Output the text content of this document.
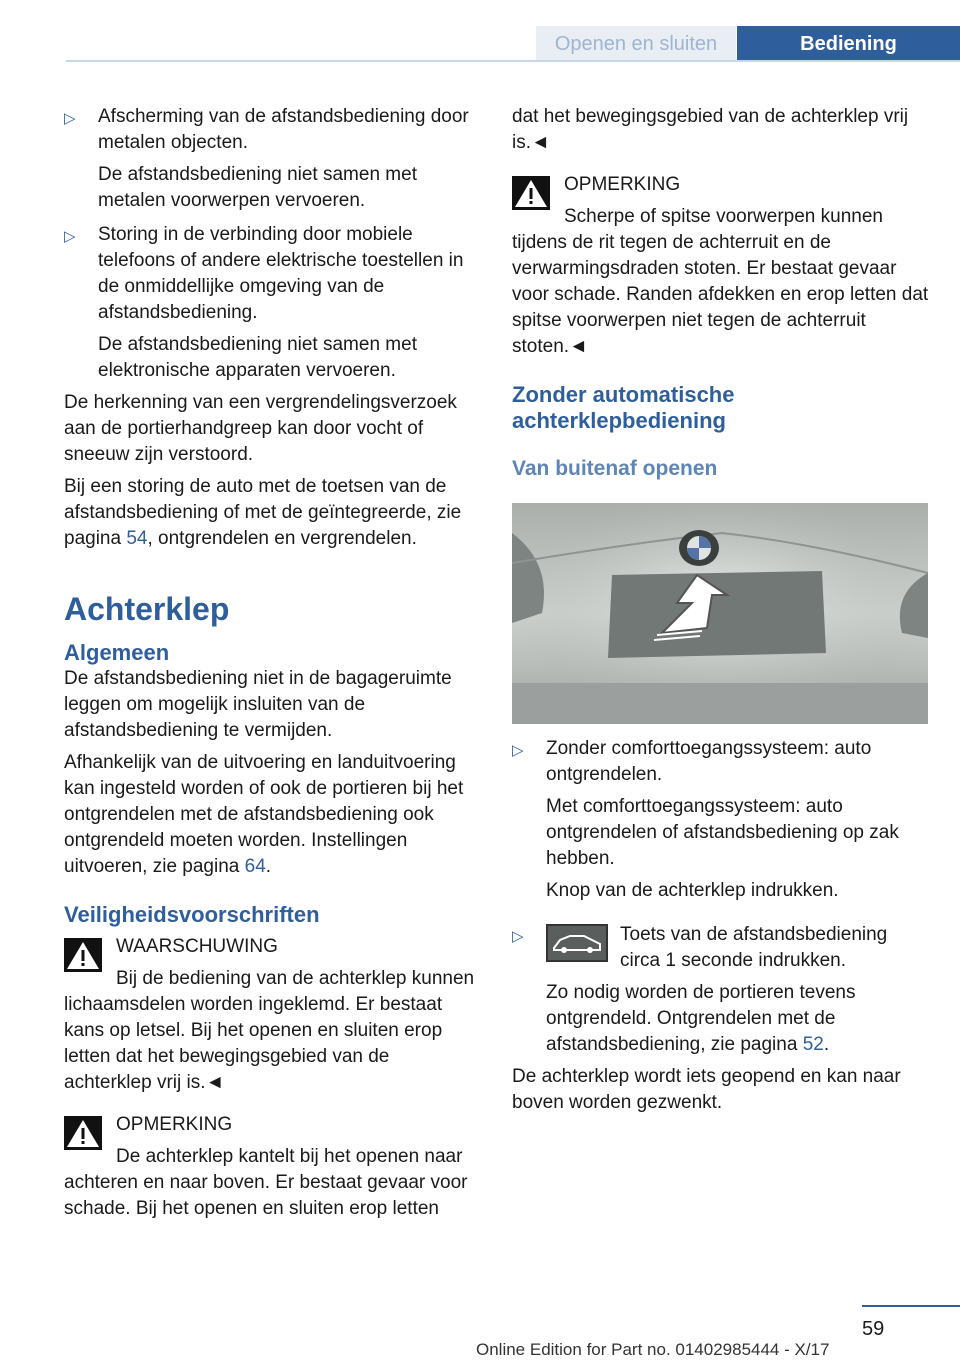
Openen en sluiten	Bediening

▷ Afscherming van de afstandsbediening door metalen objecten.

De afstandsbediening niet samen met metalen voorwerpen vervoeren.

▷ Storing in de verbinding door mobiele telefoons of andere elektrische toestellen in de onmiddellijke omgeving van de afstandsbediening.

De afstandsbediening niet samen met elektronische apparaten vervoeren.

De herkenning van een vergrendelingsverzoek aan de portierhandgreep kan door vocht of sneeuw zijn verstoord.

Bij een storing de auto met de toetsen van de afstandsbediening of met de geïntegreerde, zie pagina 54, ontgrendelen en vergrendelen.

Achterklep
Algemeen

De afstandsbediening niet in de bagageruimte leggen om mogelijk insluiten van de afstandsbediening te vermijden.

Afhankelijk van de uitvoering en landuitvoering kan ingesteld worden of ook de portieren bij het ontgrendelen met de afstandsbediening ook ontgrendeld moeten worden. Instellingen uitvoeren, zie pagina 64.

Veiligheidsvoorschriften
WAARSCHUWING

Bij de bediening van de achterklep kunnen lichaamsdelen worden ingeklemd. Er bestaat kans op letsel. Bij het openen en sluiten erop letten dat het bewegingsgebied van de achterklep vrij is.◄

OPMERKING

De achterklep kantelt bij het openen naar achteren en naar boven. Er bestaat gevaar voor schade. Bij het openen en sluiten erop letten

dat het bewegingsgebied van de achterklep vrij is.◄

OPMERKING

Scherpe of spitse voorwerpen kunnen tijdens de rit tegen de achterruit en de verwarmingsdraden stoten. Er bestaat gevaar voor schade. Randen afdekken en erop letten dat spitse voorwerpen niet tegen de achterruit stoten.◄

Zonder automatische achterklepbediening
Van buitenaf openen

▷ Zonder comforttoegangssysteem: auto ontgrendelen.

Met comforttoegangssysteem: auto ontgrendelen of afstandsbediening op zak hebben.

Knop van de achterklep indrukken.

▷	Toets van de afstandsbediening circa 1 seconde indrukken.

Zo nodig worden de portieren tevens ontgrendeld. Ontgrendelen met de afstandsbediening, zie pagina 52.

De achterklep wordt iets geopend en kan naar boven worden gezwenkt.

59
Online Edition for Part no. 01402985444 - X/17
